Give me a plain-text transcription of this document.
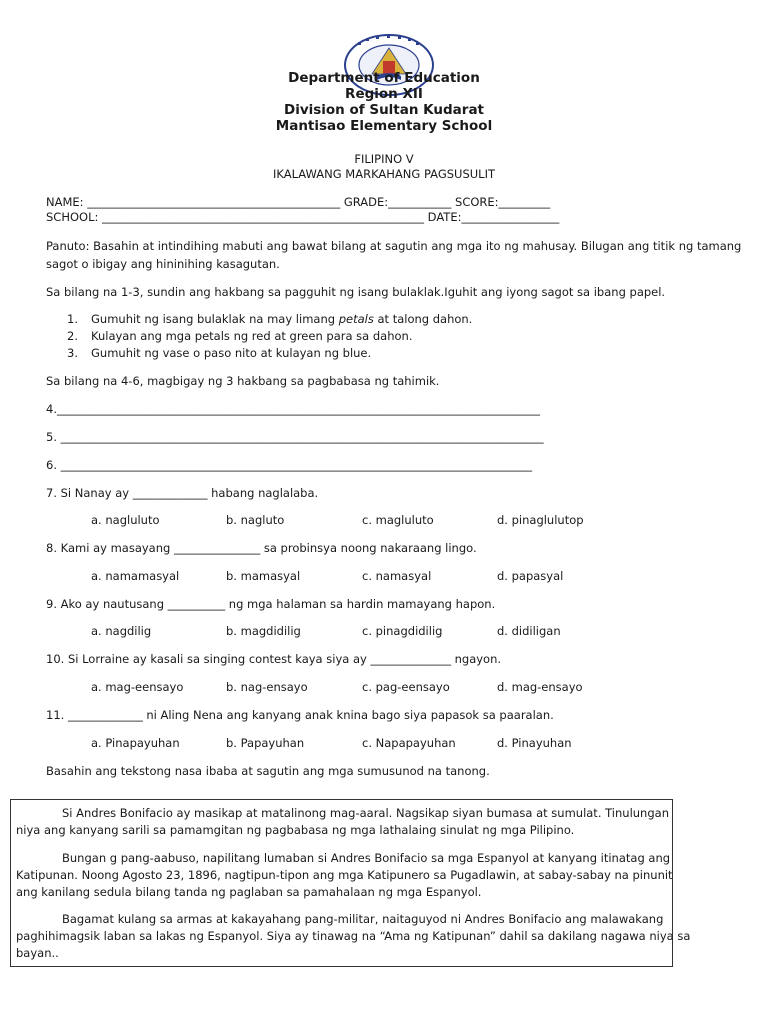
Department of Education
Region XII
Division of Sultan Kudarat
Mantisao Elementary School
FILIPINO V
IKALAWANG MARKAHANG PAGSUSULIT
NAME: ____________________________________________ GRADE:___________ SCORE:_________
SCHOOL: ________________________________________________________ DATE:_________________
Panuto: Basahin at intindihing mabuti ang bawat bilang at sagutin ang mga ito ng mahusay. Bilugan ang titik ng tamang
sagot o ibigay ang hininihing kasagutan.
Sa bilang na 1-3, sundin ang hakbang sa pagguhit ng isang bulaklak.Iguhit ang iyong sagot sa ibang papel.
1. Gumuhit ng isang bulaklak na may limang petals at talong dahon.
2. Kulayan ang mga petals ng red at green para sa dahon.
3. Gumuhit ng vase o paso nito at kulayan ng blue.
Sa bilang na 4-6, magbigay ng 3 hakbang sa pagbabasa ng tahimik.
4.____________________________________________________________________________________
5. ____________________________________________________________________________________
6. __________________________________________________________________________________
7. Si Nanay ay _____________ habang naglalaba.
a. nagluluto	b. nagluto	c. magluluto	d. pinaglulutop
8. Kami ay masayang _______________ sa probinsya noong nakaraang lingo.
a. namamasyal	b. mamasyal	c. namasyal	d. papasyal
9. Ako ay nautusang __________ ng mga halaman sa hardin mamayang hapon.
a. nagdilig	b. magdidilig	c. pinagdidilig	d. didiligan
10. Si Lorraine ay kasali sa singing contest kaya siya ay ______________ ngayon.
a. mag-eensayo	b. nag-ensayo	c. pag-eensayo	d. mag-ensayo
11. _____________ ni Aling Nena ang kanyang anak knina bago siya papasok sa paaralan.
a. Pinapayuhan	b. Papayuhan	c. Napapayuhan	d. Pinayuhan
Basahin ang tekstong nasa ibaba at sagutin ang mga sumusunod na tanong.
Si Andres Bonifacio ay masikap at matalinong mag-aaral. Nagsikap siyan bumasa at sumulat. Tinulungan
niya ang kanyang sarili sa pamamgitan ng pagbabasa ng mga lathalaing sinulat ng mga Pilipino.
Bungan g pang-aabuso, napilitang lumaban si Andres Bonifacio sa mga Espanyol at kanyang itinatag ang
Katipunan. Noong Agosto 23, 1896, nagtipun-tipon ang mga Katipunero sa Pugadlawin, at sabay-sabay na pinunit
ang kanilang sedula bilang tanda ng paglaban sa pamahalaan ng mga Espanyol.
Bagamat kulang sa armas at kakayahang pang-militar, naitaguyod ni Andres Bonifacio ang malawakang
paghihimagsik laban sa lakas ng Espanyol. Siya ay tinawag na “Ama ng Katipunan” dahil sa dakilang nagawa niya sa
bayan..
